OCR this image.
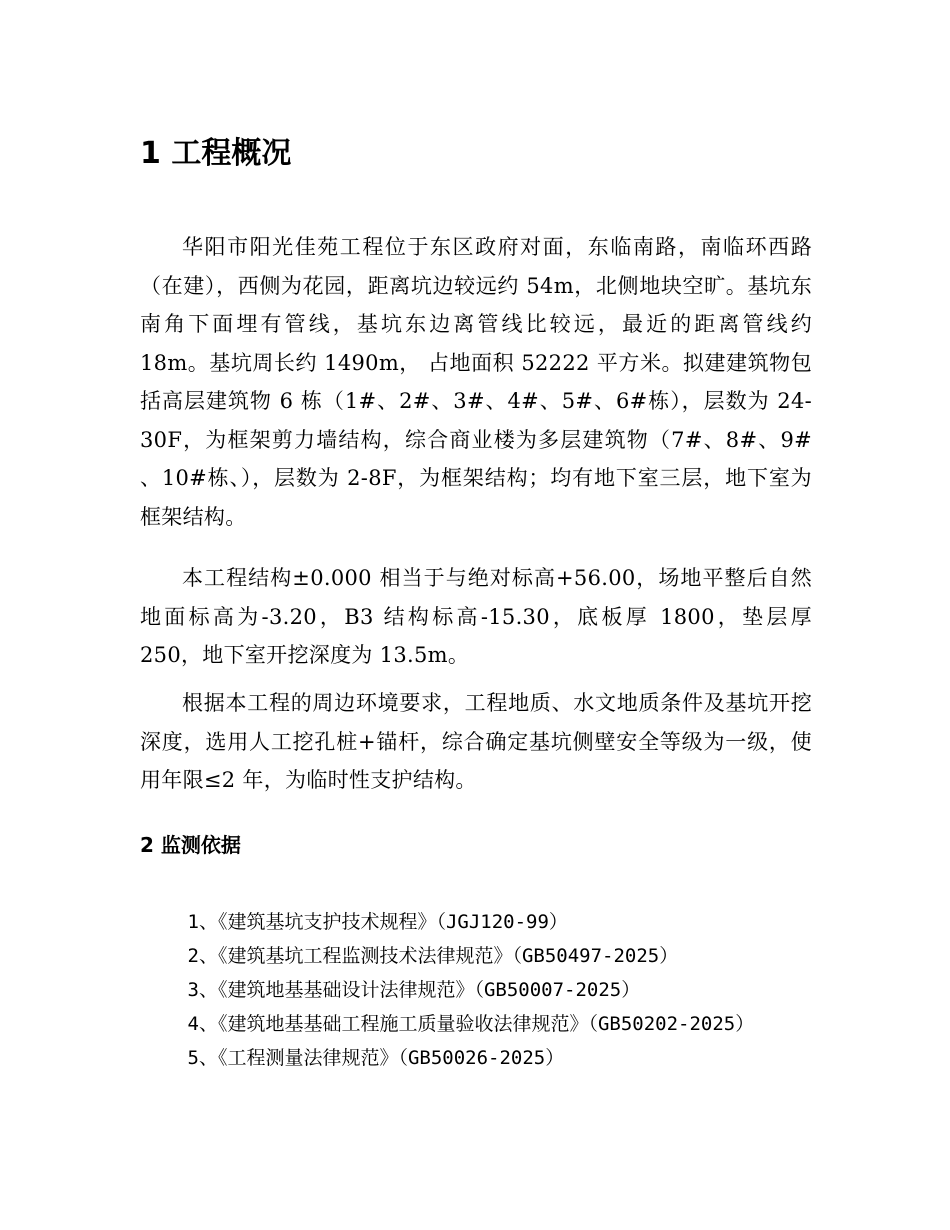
1 工程概况

华阳市阳光佳苑工程位于东区政府对面，东临南路，南临环西路（在建），西侧为花园，距离坑边较远约 54m，北侧地块空旷。基坑东南角下面埋有管线，基坑东边离管线比较远，最近的距离管线约 18m。基坑周长约 1490m， 占地面积 52222 平方米。拟建建筑物包括高层建筑物 6 栋（1#、2#、3#、4#、5#、6#栋），层数为 24-30F，为框架剪力墙结构，综合商业楼为多层建筑物（7#、8#、9# 、10#栋、），层数为 2-8F，为框架结构；均有地下室三层，地下室为框架结构。

本工程结构±0.000 相当于与绝对标高+56.00，场地平整后自然地面标高为-3.20，B3 结构标高-15.30，底板厚 1800，垫层厚 250，地下室开挖深度为 13.5m。

根据本工程的周边环境要求，工程地质、水文地质条件及基坑开挖深度，选用人工挖孔桩+锚杆，综合确定基坑侧壁安全等级为一级，使用年限≤2 年，为临时性支护结构。

2 监测依据
1、《建筑基坑支护技术规程》（JGJ120-99）
2、《建筑基坑工程监测技术法律规范》（GB50497-2025）
3、《建筑地基基础设计法律规范》（GB50007-2025）
4、《建筑地基基础工程施工质量验收法律规范》（GB50202-2025）
5、《工程测量法律规范》（GB50026-2025）
